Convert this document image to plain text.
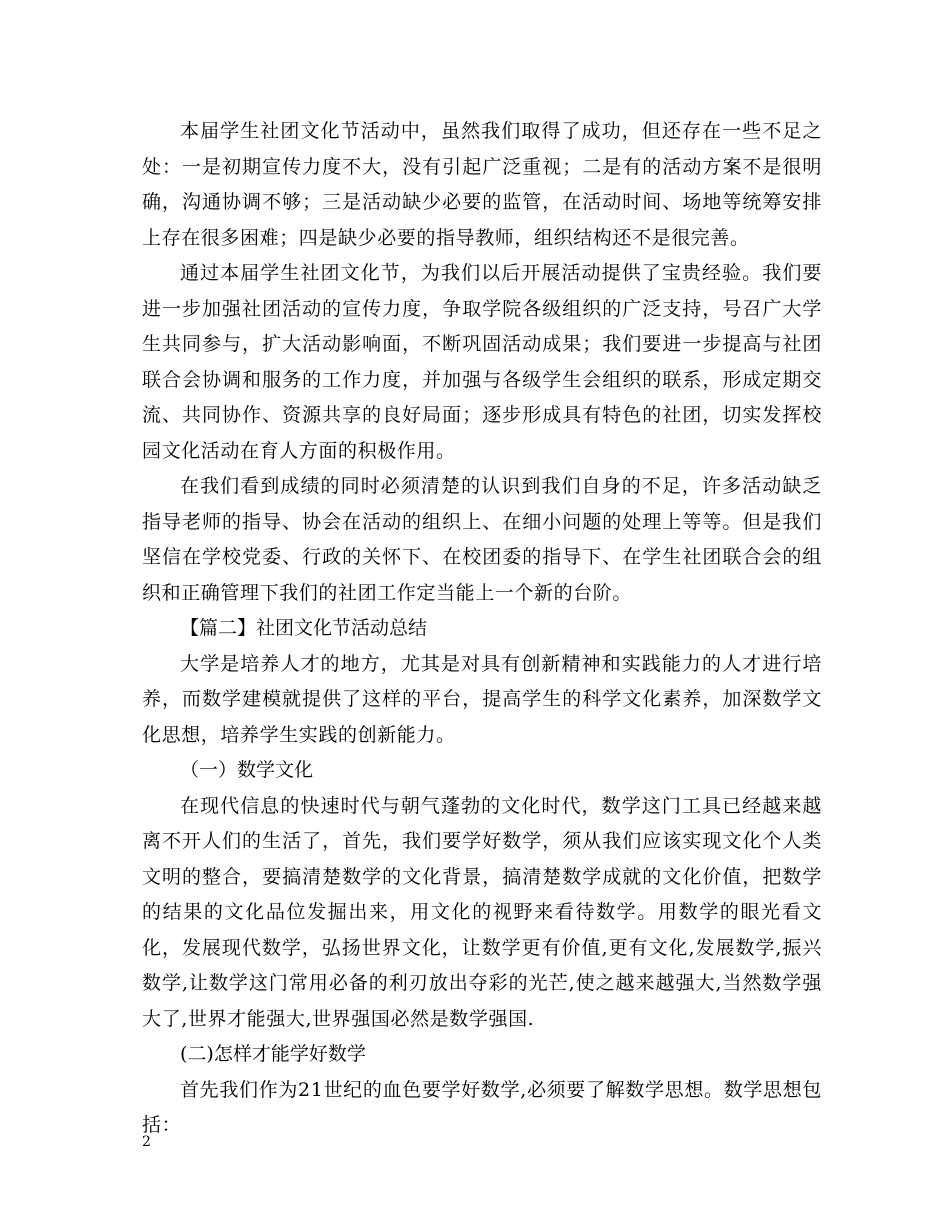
本届学生社团文化节活动中，虽然我们取得了成功，但还存在一些不足之处：一是初期宣传力度不大，没有引起广泛重视；二是有的活动方案不是很明确，沟通协调不够；三是活动缺少必要的监管，在活动时间、场地等统筹安排上存在很多困难；四是缺少必要的指导教师，组织结构还不是很完善。

通过本届学生社团文化节，为我们以后开展活动提供了宝贵经验。我们要进一步加强社团活动的宣传力度，争取学院各级组织的广泛支持，号召广大学生共同参与，扩大活动影响面，不断巩固活动成果；我们要进一步提高与社团联合会协调和服务的工作力度，并加强与各级学生会组织的联系，形成定期交流、共同协作、资源共享的良好局面；逐步形成具有特色的社团，切实发挥校园文化活动在育人方面的积极作用。

在我们看到成绩的同时必须清楚的认识到我们自身的不足，许多活动缺乏指导老师的指导、协会在活动的组织上、在细小问题的处理上等等。但是我们坚信在学校党委、行政的关怀下、在校团委的指导下、在学生社团联合会的组织和正确管理下我们的社团工作定当能上一个新的台阶。

【篇二】社团文化节活动总结

大学是培养人才的地方，尤其是对具有创新精神和实践能力的人才进行培养，而数学建模就提供了这样的平台，提高学生的科学文化素养，加深数学文化思想，培养学生实践的创新能力。

（一）数学文化

在现代信息的快速时代与朝气蓬勃的文化时代，数学这门工具已经越来越离不开人们的生活了，首先，我们要学好数学，须从我们应该实现文化个人类文明的整合，要搞清楚数学的文化背景，搞清楚数学成就的文化价值，把数学的结果的文化品位发掘出来，用文化的视野来看待数学。用数学的眼光看文化，发展现代数学，弘扬世界文化，让数学更有价值,更有文化,发展数学,振兴数学,让数学这门常用必备的利刃放出夺彩的光芒,使之越来越强大,当然数学强大了,世界才能强大,世界强国必然是数学强国.

(二)怎样才能学好数学

首先我们作为21世纪的血色要学好数学,必须要了解数学思想。数学思想包括：

2
